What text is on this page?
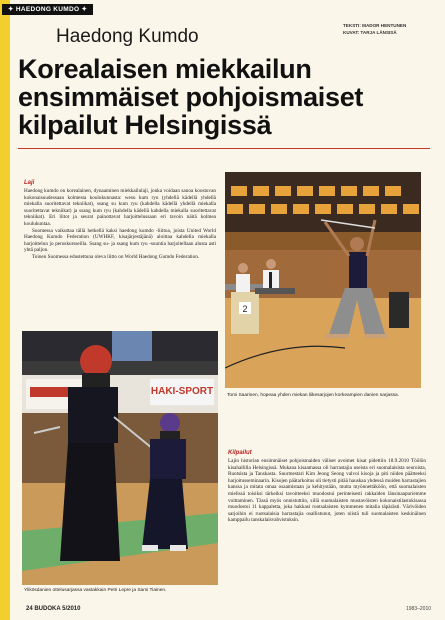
✦ HAEDONG KUMDO ✦
TEKSTI: MADOR HENTUNEN
KUVAT: TARJA LÄNSISÄ
Haedong Kumdo
Korealaisen miekkailun ensimmäiset pohjoismaiset kilpailut Helsingissä
Laji

Haedong kumdo on korealainen, dynaaminen miekkailulaji, jonka voidaan sanoa koostuvan kokonaisuudessaan kolmesta koulukunnasta: wesu kum ryu (yhdellä kädellä yhdellä miekalla suoritettavat tekniikat), ssang su kum ryu (kahdella kädellä yhdellä miekalla suoritettavat tekniikat) ja ssang kum ryu (kahdella kädellä kahdella miekalla suoritettavat tekniikat). Eri liitot ja seurat painottavat harjoittelussaan eri tavoin näitä kolmea koulukuntaa.

Suomessa vaikuttaa tällä hetkellä kaksi haedong kumdo -liittoa, joista United World Haedong Kumdo Federation (UWHKF, kisajärjestäjänä) aloittaa kahdella miekalla harjoittelun jo peruskursseilla. Ssang su- ja ssang kum ryu -suuntia harjoitellaan alusta asti yhtä paljon.

Toinen Suomessa edustettuna oleva liitto on World Haedong Gumdo Federation.

2
Tomi Saarinen, hopeaa yhden miekan liikesarjojen korkeampien danien sarjassa.
HAKI-SPORT
Ylikösdanien ottelusarjassa vastakkain Petri Lepre ja Sami Tiainen.
Kilpailut

Lajin historian ensimmäiset pohjoismaiden väliset avoimet kisat pidettiin 18.9.2010 Töölön kisahallilla Helsingissä. Mukana kisaamassa oli harrastajia useista eri suomalaisista seuroista, Ruotsista ja Tanskasta. Suurmestari Kim Jeong Seong valvoi kisoja ja piti niiden päätteeksi harjoitusseminaarin. Kisojen päätarkoitus oli tietysti pitää hauskaa yhdessä muiden harrastajien kanssa ja mitata omaa osaamistaan ja kehitystään, mutta myönnettäköön, että suomalaisten mielissä toisiksi tärkeiksi tavoitteeksi muodostui perinteisesti rakkaiden länsinaapuriemme voittaminen. Tässä myös onnistuttiin, sillä suomalaisten mustavöisten kokonaistilastokisassa muodostui 11 kappaletta, joka hakkasi ruotsalaisten kymmenen mitalia täpärästi. Värivöiden sarjoihin ei ruotsalaisia harrastajia osallistunut, joten niistä tuli suomalaisten keskinäinen kamppailu tanskalaisvahvistuksin.

24 BUDOKA 5/2010	1983–2010
